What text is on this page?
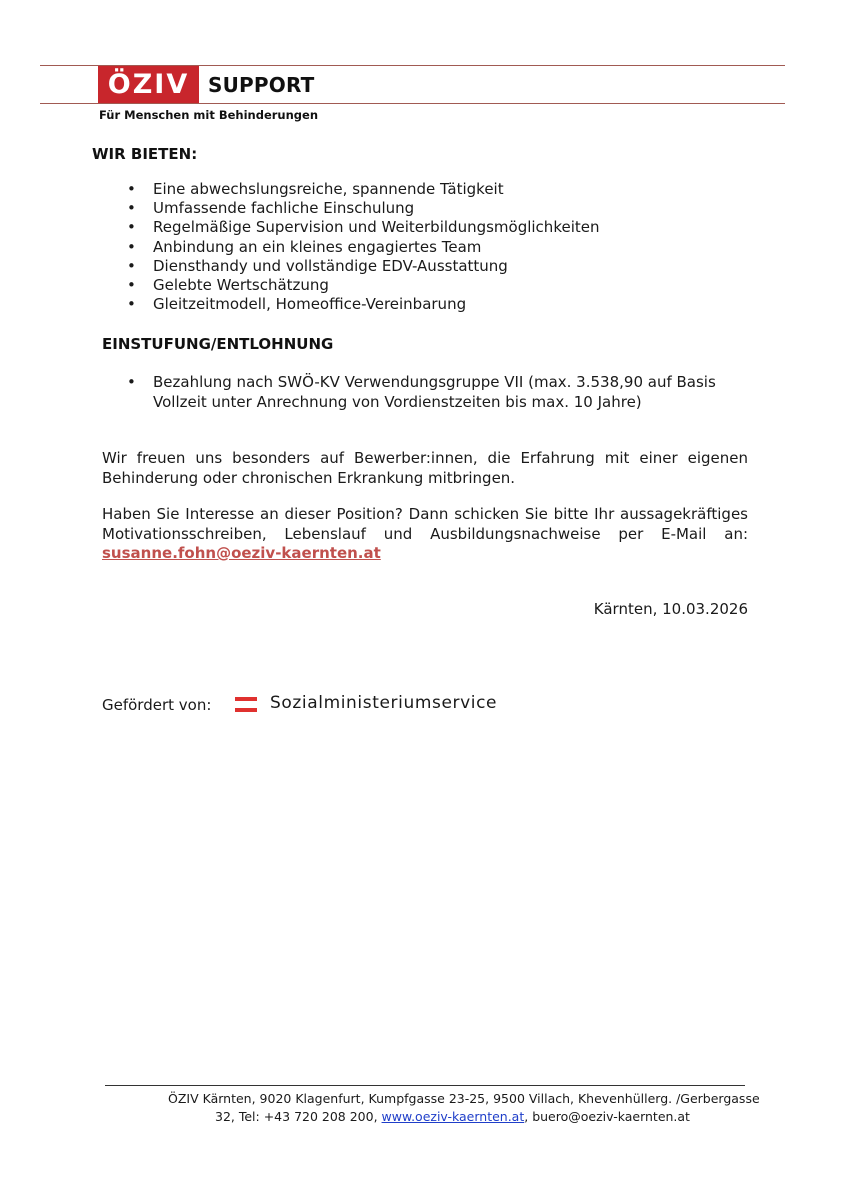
ÖZIV SUPPORT
Für Menschen mit Behinderungen
WIR BIETEN:
• Eine abwechslungsreiche, spannende Tätigkeit
• Umfassende fachliche Einschulung
• Regelmäßige Supervision und Weiterbildungsmöglichkeiten
• Anbindung an ein kleines engagiertes Team
• Diensthandy und vollständige EDV-Ausstattung
• Gelebte Wertschätzung
• Gleitzeitmodell, Homeoffice-Vereinbarung
EINSTUFUNG/ENTLOHNUNG
• Bezahlung nach SWÖ-KV Verwendungsgruppe VII (max. 3.538,90 auf Basis Vollzeit unter Anrechnung von Vordienstzeiten bis max. 10 Jahre)

Wir freuen uns besonders auf Bewerber:innen, die Erfahrung mit einer eigenen Behinderung oder chronischen Erkrankung mitbringen.

Haben Sie Interesse an dieser Position? Dann schicken Sie bitte Ihr aussagekräftiges Motivationsschreiben, Lebenslauf und Ausbildungsnachweise per E-Mail an: susanne.fohn@oeziv-kaernten.at

Kärnten, 10.03.2026
Gefördert von:	Sozialministeriumservice
ÖZIV Kärnten, 9020 Klagenfurt, Kumpfgasse 23-25, 9500 Villach, Khevenhüllerg. /Gerbergasse
32, Tel: +43 720 208 200, www.oeziv-kaernten.at, buero@oeziv-kaernten.at
